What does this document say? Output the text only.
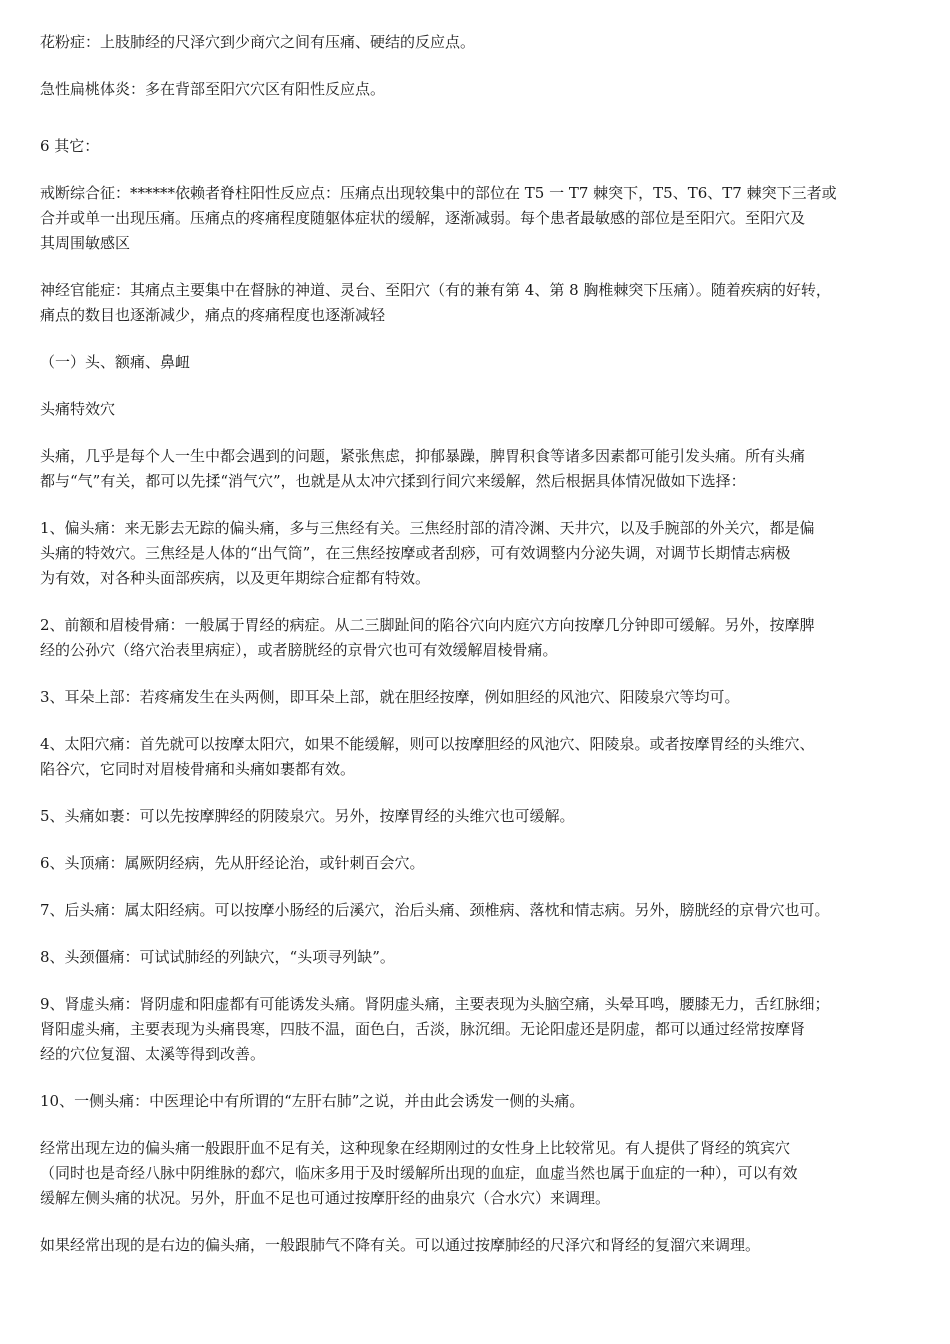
花粉症：上肢肺经的尺泽穴到少商穴之间有压痛、硬结的反应点。

急性扁桃体炎：多在背部至阳穴穴区有阳性反应点。

6 其它：

戒断综合征：******依赖者脊柱阳性反应点：压痛点出现较集中的部位在 T5 一 T7 棘突下，T5、T6、T7 棘突下三者或
合并或单一出现压痛。压痛点的疼痛程度随躯体症状的缓解，逐渐减弱。每个患者最敏感的部位是至阳穴。至阳穴及
其周围敏感区

神经官能症：其痛点主要集中在督脉的神道、灵台、至阳穴（有的兼有第 4、第 8 胸椎棘突下压痛）。随着疾病的好转，
痛点的数目也逐渐减少，痛点的疼痛程度也逐渐减轻

（一）头、额痛、鼻衄

头痛特效穴

头痛，几乎是每个人一生中都会遇到的问题，紧张焦虑，抑郁暴躁，脾胃积食等诸多因素都可能引发头痛。所有头痛
都与“气”有关，都可以先揉“消气穴”，也就是从太冲穴揉到行间穴来缓解，然后根据具体情况做如下选择：

1、偏头痛：来无影去无踪的偏头痛，多与三焦经有关。三焦经肘部的清冷渊、天井穴，以及手腕部的外关穴，都是偏
头痛的特效穴。三焦经是人体的“出气筒”，在三焦经按摩或者刮痧，可有效调整内分泌失调，对调节长期情志病极
为有效，对各种头面部疾病，以及更年期综合症都有特效。

2、前额和眉棱骨痛：一般属于胃经的病症。从二三脚趾间的陷谷穴向内庭穴方向按摩几分钟即可缓解。另外，按摩脾
经的公孙穴（络穴治表里病症），或者膀胱经的京骨穴也可有效缓解眉棱骨痛。

3、耳朵上部：若疼痛发生在头两侧，即耳朵上部，就在胆经按摩，例如胆经的风池穴、阳陵泉穴等均可。

4、太阳穴痛：首先就可以按摩太阳穴，如果不能缓解，则可以按摩胆经的风池穴、阳陵泉。或者按摩胃经的头维穴、
陷谷穴，它同时对眉棱骨痛和头痛如裹都有效。

5、头痛如裹：可以先按摩脾经的阴陵泉穴。另外，按摩胃经的头维穴也可缓解。

6、头顶痛：属厥阴经病，先从肝经论治，或针刺百会穴。

7、后头痛：属太阳经病。可以按摩小肠经的后溪穴，治后头痛、颈椎病、落枕和情志病。另外，膀胱经的京骨穴也可。

8、头颈僵痛：可试试肺经的列缺穴，“头项寻列缺”。

9、肾虚头痛：肾阴虚和阳虚都有可能诱发头痛。肾阴虚头痛，主要表现为头脑空痛，头晕耳鸣，腰膝无力，舌红脉细；
肾阳虚头痛，主要表现为头痛畏寒，四肢不温，面色白，舌淡，脉沉细。无论阳虚还是阴虚，都可以通过经常按摩肾
经的穴位复溜、太溪等得到改善。

10、一侧头痛：中医理论中有所谓的“左肝右肺”之说，并由此会诱发一侧的头痛。

经常出现左边的偏头痛一般跟肝血不足有关，这种现象在经期刚过的女性身上比较常见。有人提供了肾经的筑宾穴
（同时也是奇经八脉中阴维脉的郄穴，临床多用于及时缓解所出现的血症，血虚当然也属于血症的一种），可以有效
缓解左侧头痛的状况。另外，肝血不足也可通过按摩肝经的曲泉穴（合水穴）来调理。

如果经常出现的是右边的偏头痛，一般跟肺气不降有关。可以通过按摩肺经的尺泽穴和肾经的复溜穴来调理。
